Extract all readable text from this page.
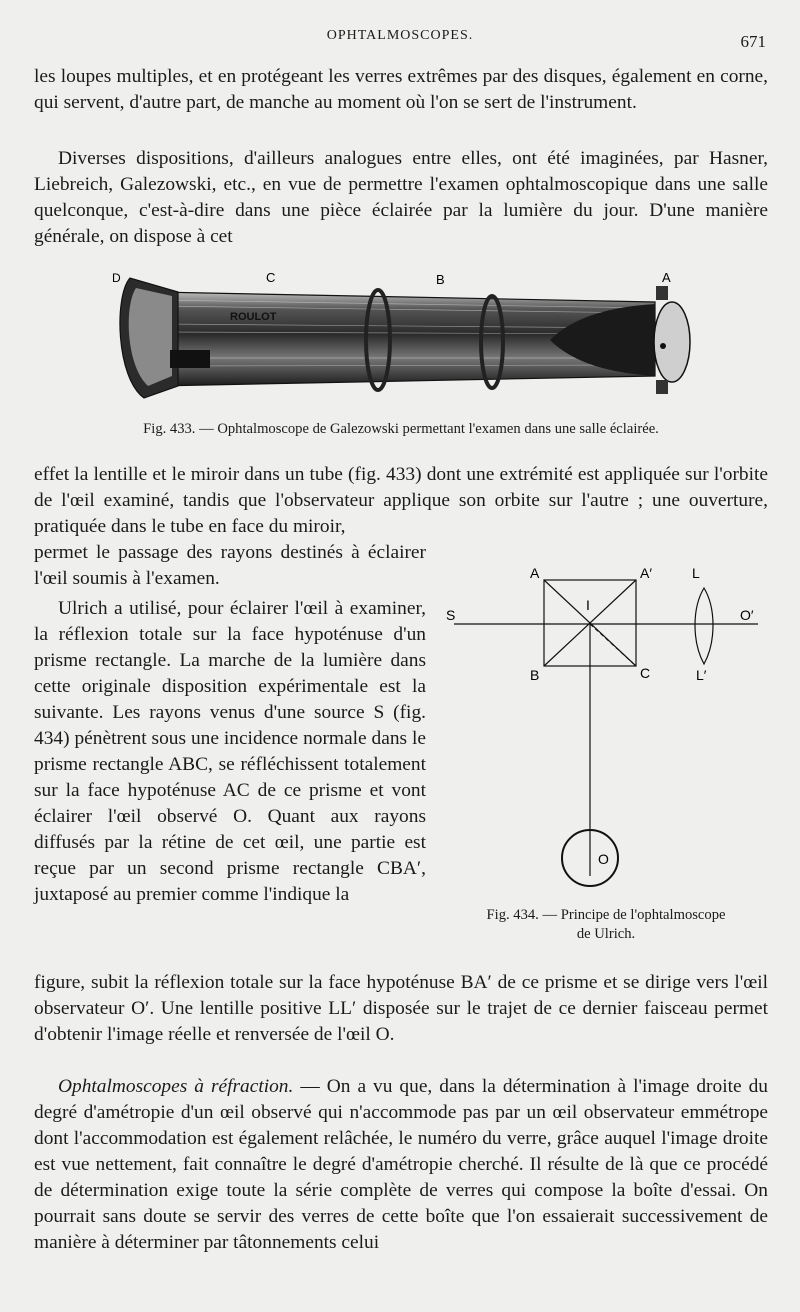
OPHTALMOSCOPES.	671

les loupes multiples, et en protégeant les verres extrêmes par des disques, également en corne, qui servent, d'autre part, de manche au moment où l'on se sert de l'instrument.

Diverses dispositions, d'ailleurs analogues entre elles, ont été imaginées, par Hasner, Liebreich, Galezowski, etc., en vue de permettre l'examen ophtalmoscopique dans une salle quelconque, c'est-à-dire dans une pièce éclairée par la lumière du jour. D'une manière générale, on dispose à cet

D	C	B	A
ROULOT
Fig. 433. — Ophtalmoscope de Galezowski permettant l'examen dans une salle éclairée.

effet la lentille et le miroir dans un tube (fig. 433) dont une extrémité est appliquée sur l'orbite de l'œil examiné, tandis que l'observateur applique son orbite sur l'autre ; une ouverture, pratiquée dans le tube en face du miroir,

permet le passage des rayons destinés à éclairer l'œil soumis à l'examen.

Ulrich a utilisé, pour éclairer l'œil à examiner, la réflexion totale sur la face hypoténuse d'un prisme rectangle. La marche de la lumière dans cette originale disposition expérimentale est la suivante. Les rayons venus d'une source S (fig. 434) pénètrent sous une incidence normale dans le prisme rectangle ABC, se réfléchissent totalement sur la face hypoténuse AC de ce prisme et vont éclairer l'œil observé O. Quant aux rayons diffusés par la rétine de cet œil, une partie est reçue par un second prisme rectangle CBA′, juxtaposé au premier comme l'indique la

A	A′	L
S
I
O′
B	C	L′
O
Fig. 434. — Principe de l'ophtalmoscope
de Ulrich.

figure, subit la réflexion totale sur la face hypoténuse BA′ de ce prisme et se dirige vers l'œil observateur O′. Une lentille positive LL′ disposée sur le trajet de ce dernier faisceau permet d'obtenir l'image réelle et renversée de l'œil O.

Ophtalmoscopes à réfraction. — On a vu que, dans la détermination à l'image droite du degré d'amétropie d'un œil observé qui n'accommode pas par un œil observateur emmétrope dont l'accommodation est également relâchée, le numéro du verre, grâce auquel l'image droite est vue nettement, fait connaître le degré d'amétropie cherché. Il résulte de là que ce procédé de détermination exige toute la série complète de verres qui compose la boîte d'essai. On pourrait sans doute se servir des verres de cette boîte que l'on essaierait successivement de manière à déterminer par tâtonnements celui
